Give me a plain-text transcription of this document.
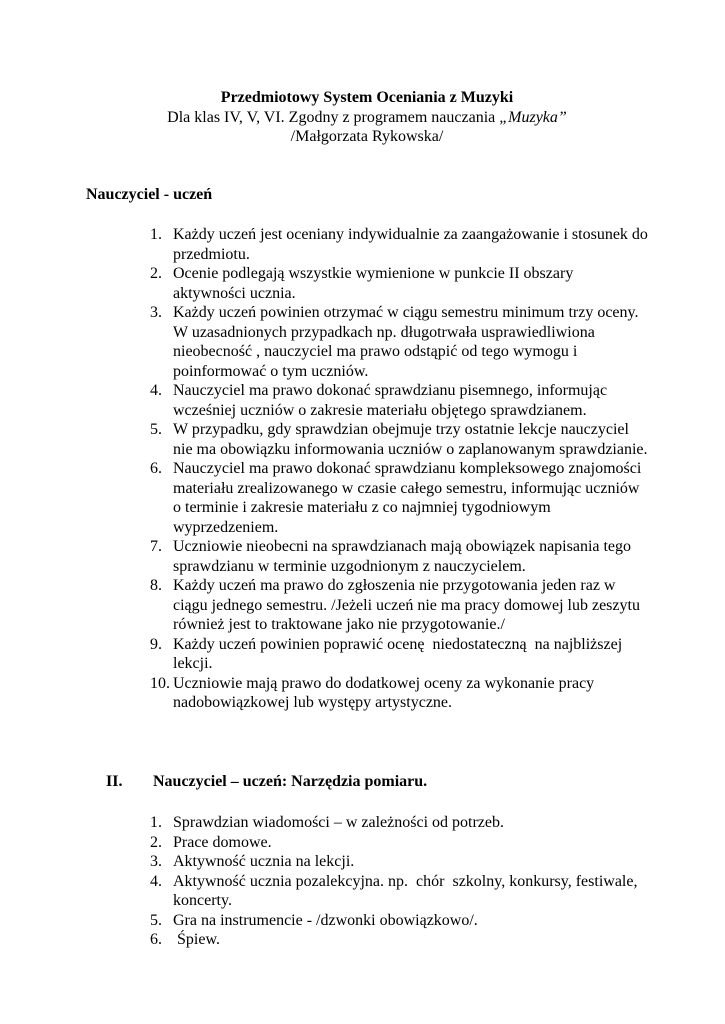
Przedmiotowy System Oceniania z Muzyki
Dla klas IV, V, VI. Zgodny z programem nauczania „Muzyka”
/Małgorzata Rykowska/
Nauczyciel - uczeń
1. Każdy uczeń jest oceniany indywidualnie za zaangażowanie i stosunek do przedmiotu.
2. Ocenie podlegają wszystkie wymienione w punkcie II obszary aktywności ucznia.
3. Każdy uczeń powinien otrzymać w ciągu semestru minimum trzy oceny. W uzasadnionych przypadkach np. długotrwała usprawiedliwiona nieobecność , nauczyciel ma prawo odstąpić od tego wymogu i poinformować o tym uczniów.
4. Nauczyciel ma prawo dokonać sprawdzianu pisemnego, informując wcześniej uczniów o zakresie materiału objętego sprawdzianem.
5. W przypadku, gdy sprawdzian obejmuje trzy ostatnie lekcje nauczyciel nie ma obowiązku informowania uczniów o zaplanowanym sprawdzianie.
6. Nauczyciel ma prawo dokonać sprawdzianu kompleksowego znajomości materiału zrealizowanego w czasie całego semestru, informując uczniów o terminie i zakresie materiału z co najmniej tygodniowym wyprzedzeniem.
7. Uczniowie nieobecni na sprawdzianach mają obowiązek napisania tego sprawdzianu w terminie uzgodnionym z nauczycielem.
8. Każdy uczeń ma prawo do zgłoszenia nie przygotowania jeden raz w ciągu jednego semestru. /Jeżeli uczeń nie ma pracy domowej lub zeszytu   również jest to traktowane jako nie przygotowanie./
9. Każdy uczeń powinien poprawić ocenę  niedostateczną  na najbliższej lekcji.
10. Uczniowie mają prawo do dodatkowej oceny za wykonanie pracy nadobowiązkowej lub występy artystyczne.
II. Nauczyciel – uczeń: Narzędzia pomiaru.
1. Sprawdzian wiadomości – w zależności od potrzeb.
2. Prace domowe.
3. Aktywność ucznia na lekcji.
4. Aktywność ucznia pozalekcyjna. np.  chór  szkolny, konkursy, festiwale, koncerty.
5. Gra na instrumencie - /dzwonki obowiązkowo/.
6. Śpiew.
